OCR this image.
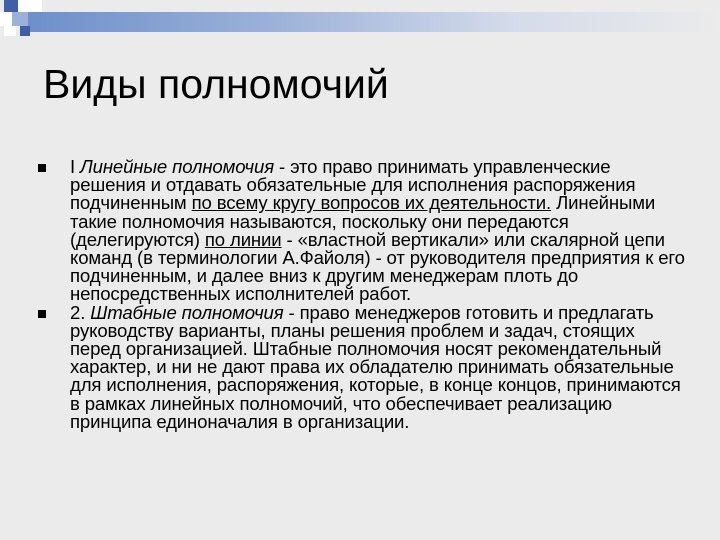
Виды полномочий
I Линейные полномочия - это право принимать управленческие решения и отдавать обязательные для исполнения распоряжения подчиненным по всему кругу вопросов их деятельности. Линейными такие полномочия называются, поскольку они передаются (делегируются) по линии - «властной вертикали» или скалярной цепи команд (в терминологии А.Файоля) - от руководителя предприятия к его подчиненным, и далее вниз к другим менеджерам плоть до непосредственных исполнителей работ.
2. Штабные полномочия - право менеджеров готовить и предлагать руководству варианты, планы решения проблем и задач, стоящих перед организацией. Штабные полномочия носят рекомендательный характер, и ни не дают права их обладателю принимать обязательные для исполнения, распоряжения, которые, в конце концов, принимаются в рамках линейных полномочий, что обеспечивает реализацию принципа единоначалия в организации.
